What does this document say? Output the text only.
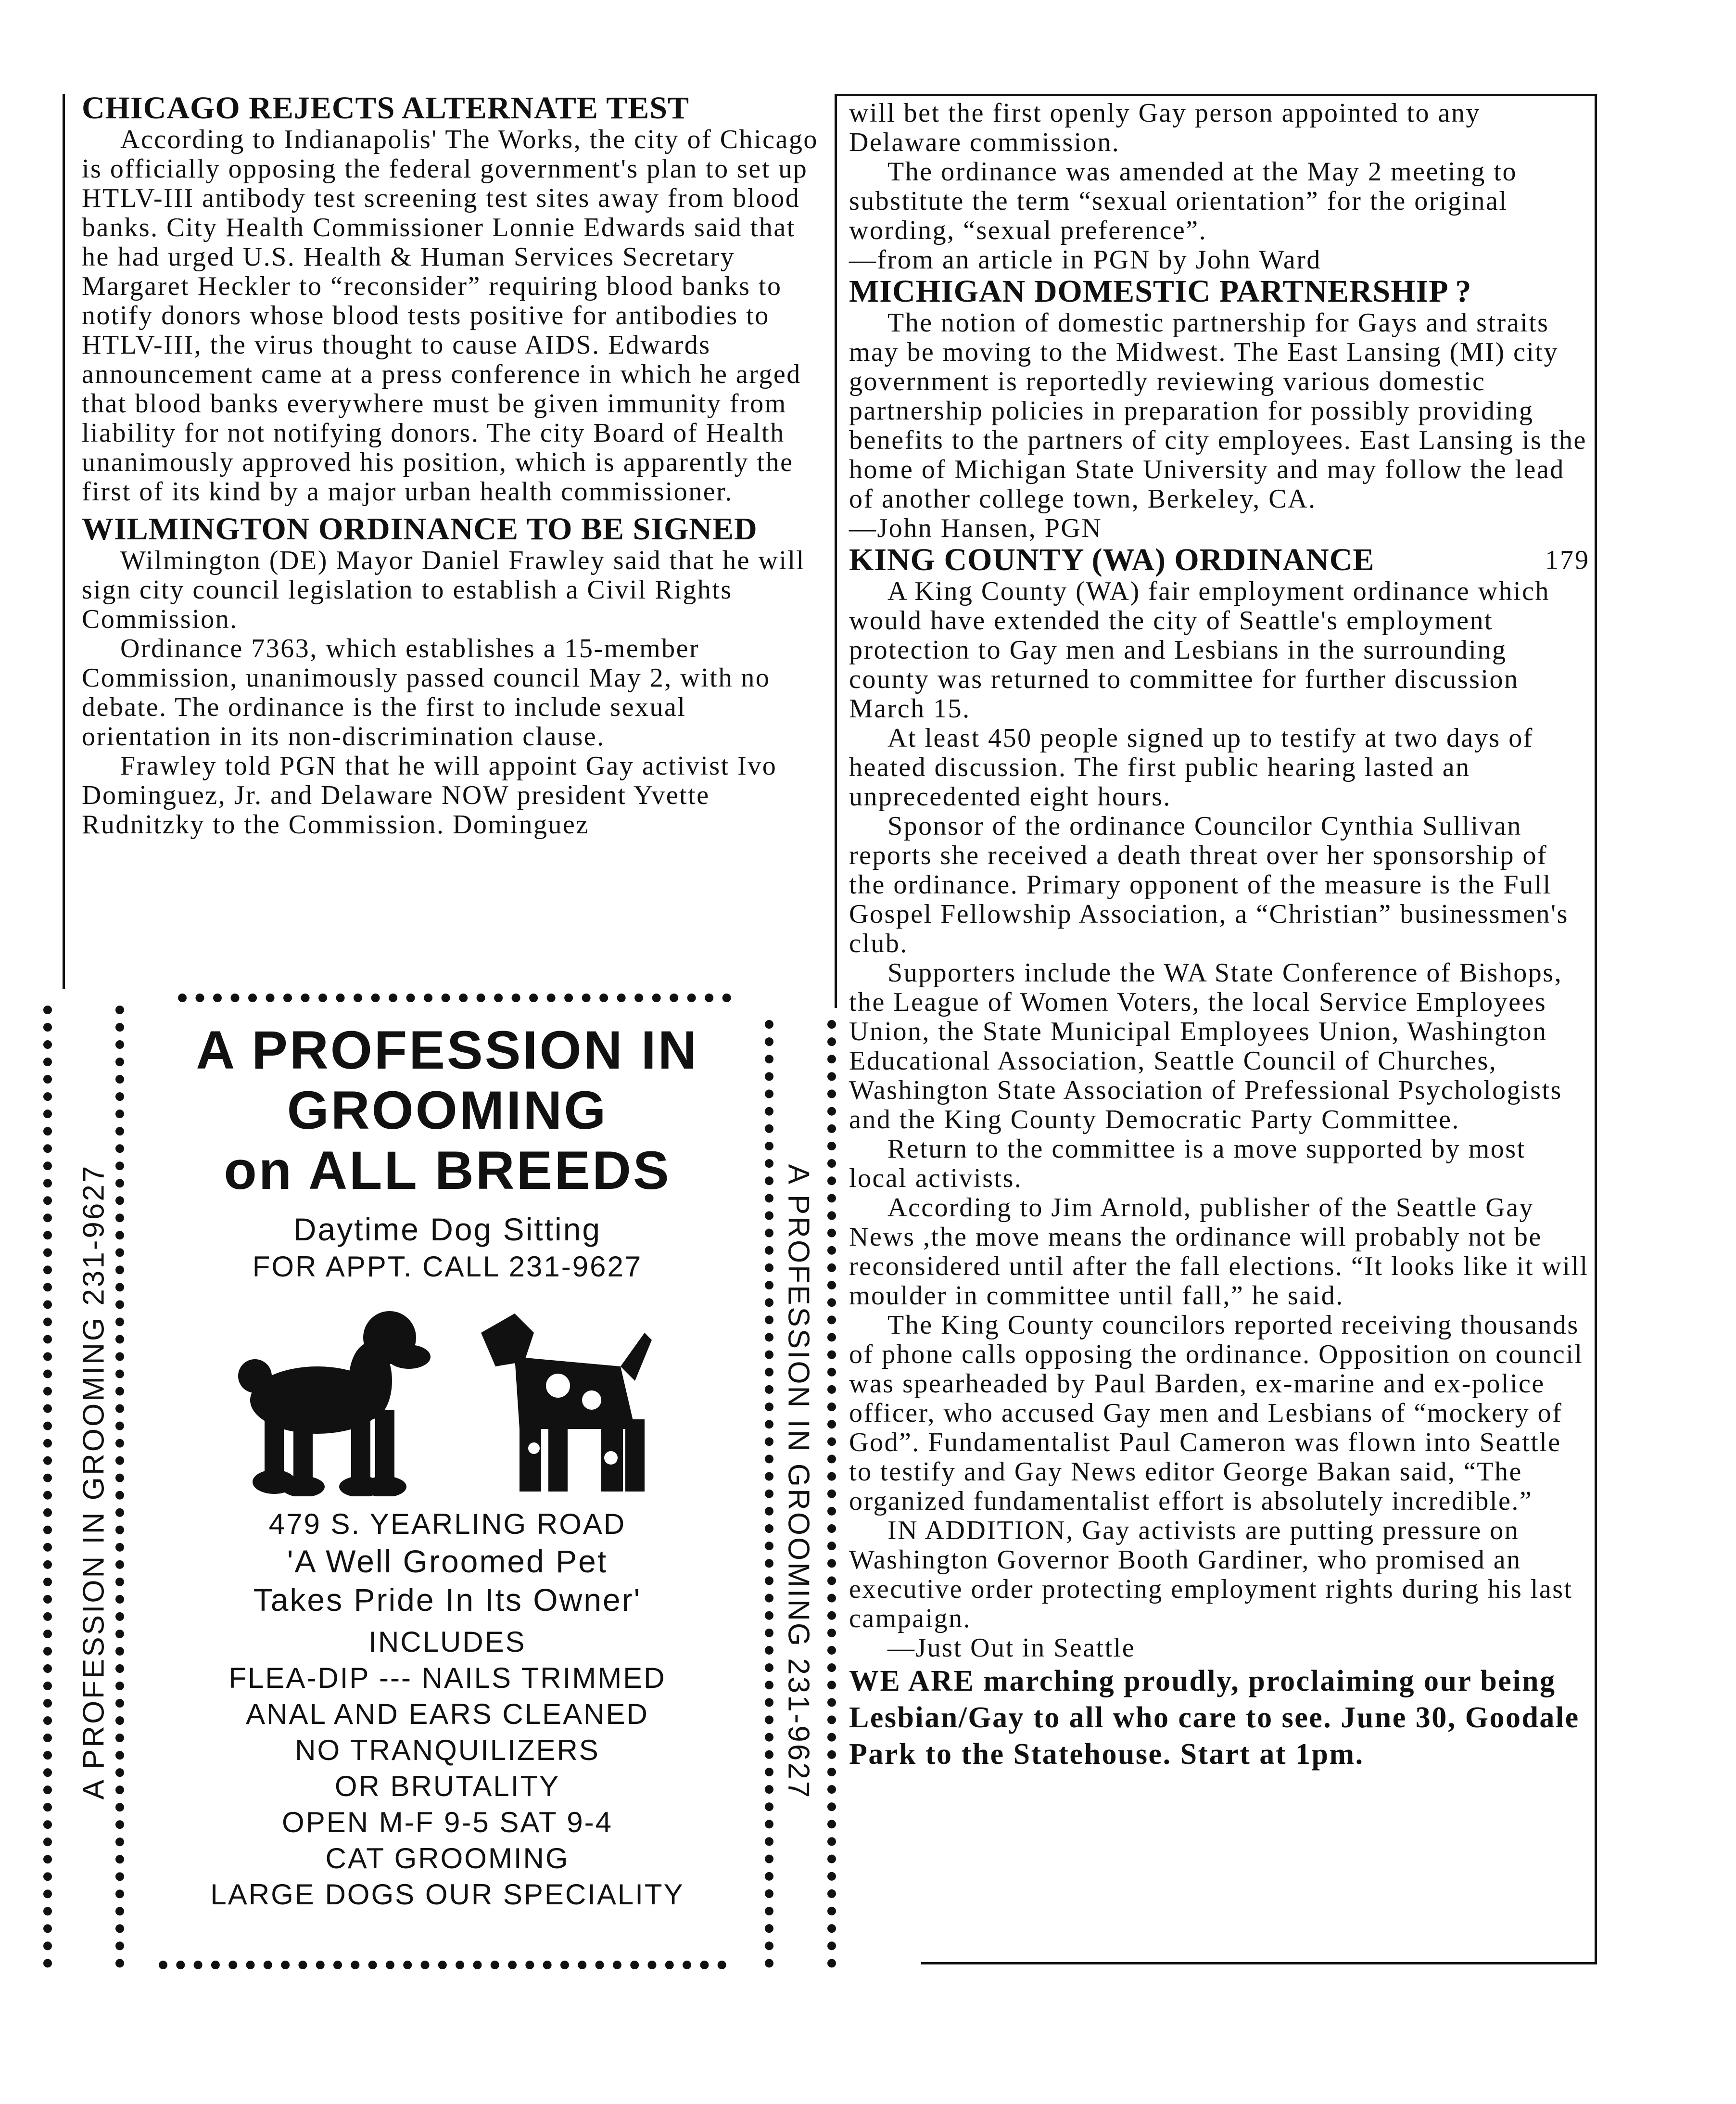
CHICAGO REJECTS ALTERNATE TEST

According to Indianapolis' The Works, the city of Chicago is officially opposing the federal government's plan to set up HTLV-III antibody test screening test sites away from blood banks. City Health Commissioner Lonnie Edwards said that he had urged U.S. Health & Human Services Secretary Margaret Heckler to “reconsider” requiring blood banks to notify donors whose blood tests positive for antibodies to HTLV-III, the virus thought to cause AIDS. Edwards announcement came at a press conference in which he arged that blood banks everywhere must be given immunity from liability for not notifying donors. The city Board of Health unanimously approved his position, which is apparently the first of its kind by a major urban health commissioner.

WILMINGTON ORDINANCE TO BE SIGNED

Wilmington (DE) Mayor Daniel Frawley said that he will sign city council legislation to establish a Civil Rights Commission.

Ordinance 7363, which establishes a 15-member Commission, unanimously passed council May 2, with no debate. The ordinance is the first to include sexual orientation in its non-discrimination clause.

Frawley told PGN that he will appoint Gay activist Ivo Dominguez, Jr. and Delaware NOW president Yvette Rudnitzky to the Commission. Dominguez

will bet the first openly Gay person appointed to any Delaware commission.

The ordinance was amended at the May 2 meeting to substitute the term “sexual orientation” for the original wording, “sexual preference”.

—from an article in PGN by John Ward

MICHIGAN DOMESTIC PARTNERSHIP ?

The notion of domestic partnership for Gays and straits may be moving to the Midwest. The East Lansing (MI) city government is reportedly reviewing various domestic partnership policies in preparation for possibly providing benefits to the partners of city employees. East Lansing is the home of Michigan State University and may follow the lead of another college town, Berkeley, CA.

—John Hansen, PGN

179
KING COUNTY (WA) ORDINANCE

A King County (WA) fair employment ordinance which would have extended the city of Seattle's employment protection to Gay men and Lesbians in the surrounding county was returned to committee for further discussion March 15.

At least 450 people signed up to testify at two days of heated discussion. The first public hearing lasted an unprecedented eight hours.

Sponsor of the ordinance Councilor Cynthia Sullivan reports she received a death threat over her sponsorship of the ordinance. Primary opponent of the measure is the Full Gospel Fellowship Association, a “Christian” businessmen's club.

Supporters include the WA State Conference of Bishops, the League of Women Voters, the local Service Employees Union, the State Municipal Employees Union, Washington Educational Association, Seattle Council of Churches, Washington State Association of Prefessional Psychologists and the King County Democratic Party Committee.

Return to the committee is a move supported by most local activists.

According to Jim Arnold, publisher of the Seattle Gay News ,the move means the ordinance will probably not be reconsidered until after the fall elections. “It looks like it will moulder in committee until fall,” he said.

The King County councilors reported receiving thousands of phone calls opposing the ordinance. Opposition on council was spearheaded by Paul Barden, ex-marine and ex-police officer, who accused Gay men and Lesbians of “mockery of God”. Fundamentalist Paul Cameron was flown into Seattle to testify and Gay News editor George Bakan said, “The organized fundamentalist effort is absolutely incredible.”

IN ADDITION, Gay activists are putting pressure on Washington Governor Booth Gardiner, who promised an executive order protecting employment rights during his last campaign.

—Just Out in Seattle

WE ARE marching proudly, proclaiming our being Lesbian/Gay to all who care to see. June 30, Goodale Park to the Statehouse. Start at 1pm.

A PROFESSION IN GROOMING 231-9627	A PROFESSION IN GROOMING 231-9627
A PROFESSION IN
GROOMING
on ALL BREEDS
Daytime Dog Sitting
FOR APPT. CALL 231-9627
479 S. YEARLING ROAD
'A Well Groomed Pet
Takes Pride In Its Owner'
INCLUDES
FLEA-DIP --- NAILS TRIMMED
ANAL AND EARS CLEANED
NO TRANQUILIZERS
OR BRUTALITY
OPEN M-F 9-5 SAT 9-4
CAT GROOMING
LARGE DOGS OUR SPECIALITY
